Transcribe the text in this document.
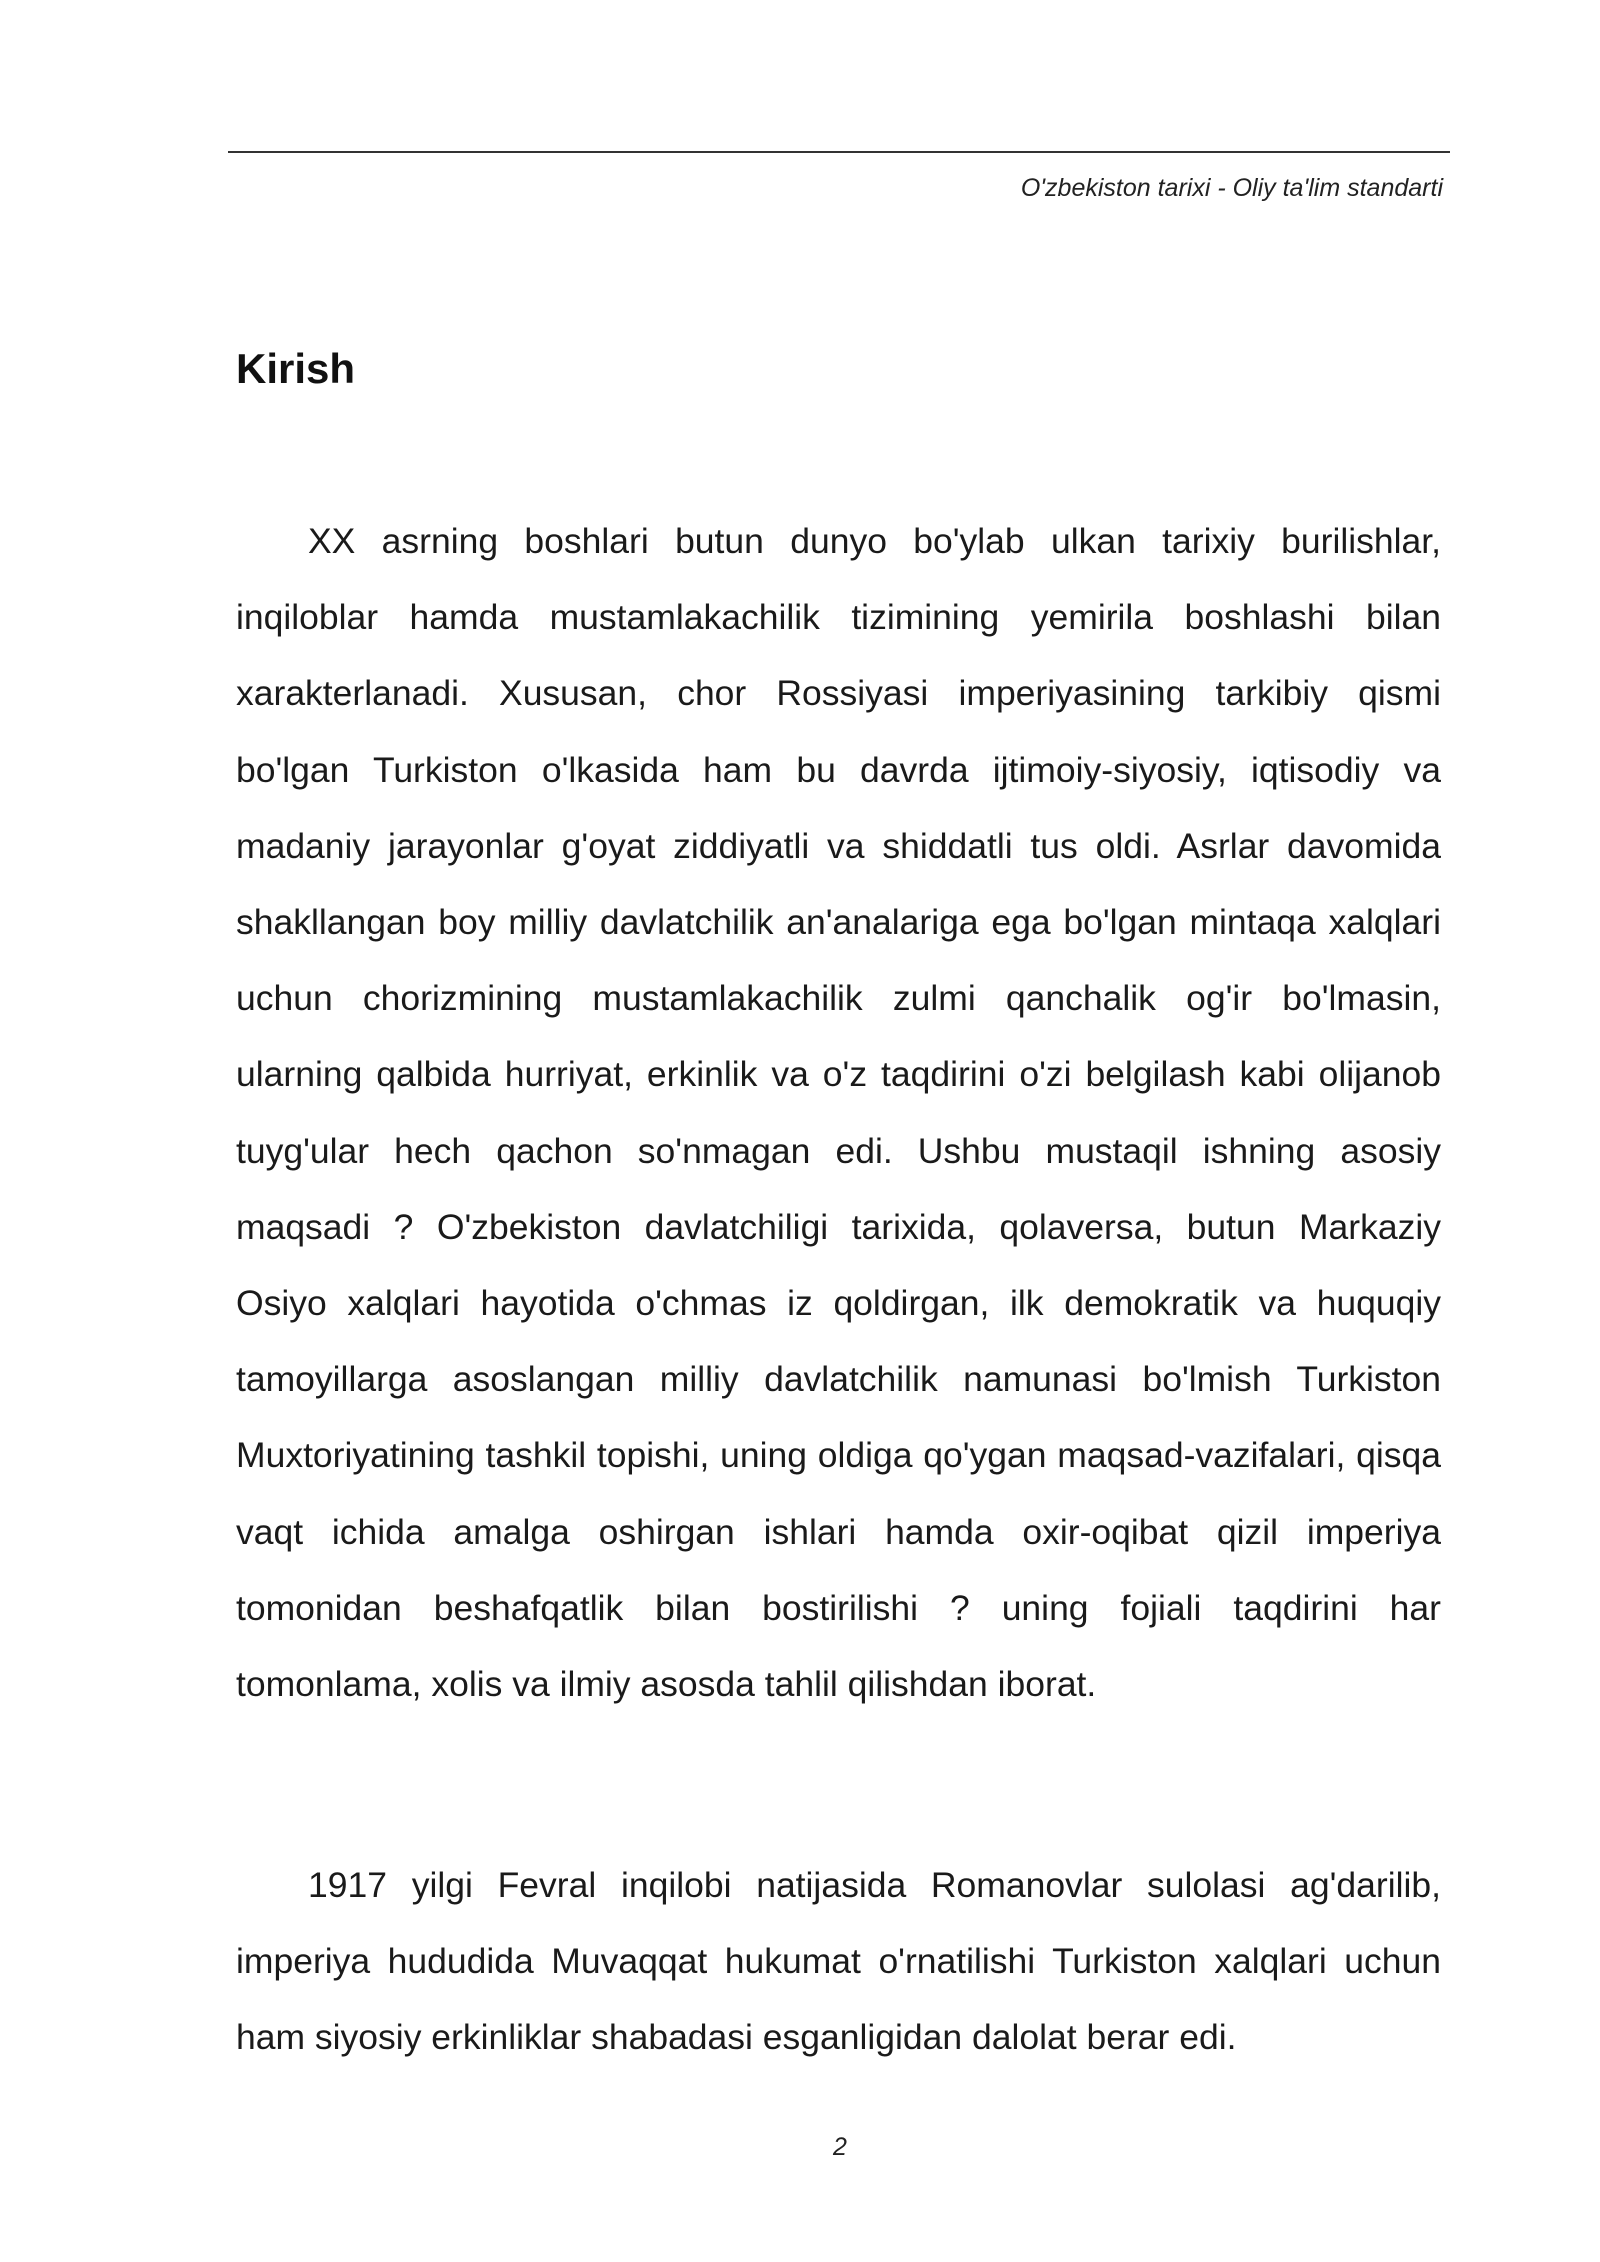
O'zbekiston tarixi - Oliy ta'lim standarti
Kirish

XX asrning boshlari butun dunyo bo'ylab ulkan tarixiy burilishlar, inqiloblar hamda mustamlakachilik tizimining yemirila boshlashi bilan xarakterlanadi. Xususan, chor Rossiyasi imperiyasining tarkibiy qismi bo'lgan Turkiston o'lkasida ham bu davrda ijtimoiy-siyosiy, iqtisodiy va madaniy jarayonlar g'oyat ziddiyatli va shiddatli tus oldi. Asrlar davomida shakllangan boy milliy davlatchilik an'analariga ega bo'lgan mintaqa xalqlari uchun chorizmining mustamlakachilik zulmi qanchalik og'ir bo'lmasin, ularning qalbida hurriyat, erkinlik va o'z taqdirini o'zi belgilash kabi olijanob tuyg'ular hech qachon so'nmagan edi. Ushbu mustaqil ishning asosiy maqsadi ? O'zbekiston davlatchiligi tarixida, qolaversa, butun Markaziy Osiyo xalqlari hayotida o'chmas iz qoldirgan, ilk demokratik va huquqiy tamoyillarga asoslangan milliy davlatchilik namunasi bo'lmish Turkiston Muxtoriyatining tashkil topishi, uning oldiga qo'ygan maqsad-vazifalari, qisqa vaqt ichida amalga oshirgan ishlari hamda oxir-oqibat qizil imperiya tomonidan beshafqatlik bilan bostirilishi ? uning fojiali taqdirini har tomonlama, xolis va ilmiy asosda tahlil qilishdan iborat.

1917 yilgi Fevral inqilobi natijasida Romanovlar sulolasi ag'darilib, imperiya hududida Muvaqqat hukumat o'rnatilishi Turkiston xalqlari uchun ham siyosiy erkinliklar shabadasi esganligidan dalolat berar edi.

2
